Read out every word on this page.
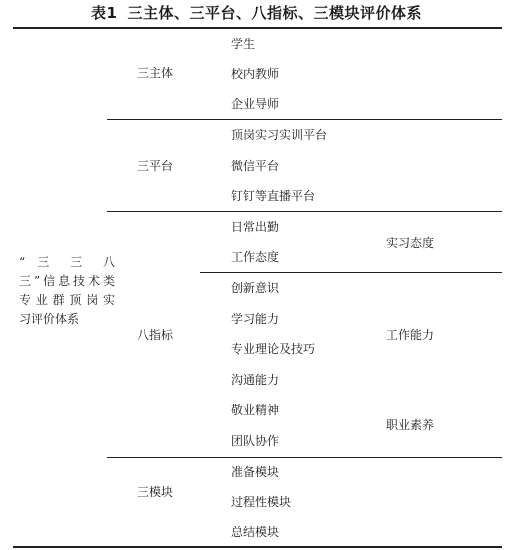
表1 三主体、三平台、八指标、三模块评价体系
“ 三 三 八
三”信息技术类
专业群顶岗实
习评价体系
三主体
三平台
八指标
三模块
学生
校内教师
企业导师
顶岗实习实训平台
微信平台
钉钉等直播平台
日常出勤
工作态度
创新意识
学习能力
专业理论及技巧
沟通能力
敬业精神
团队协作
准备模块
过程性模块
总结模块
实习态度
工作能力
职业素养
